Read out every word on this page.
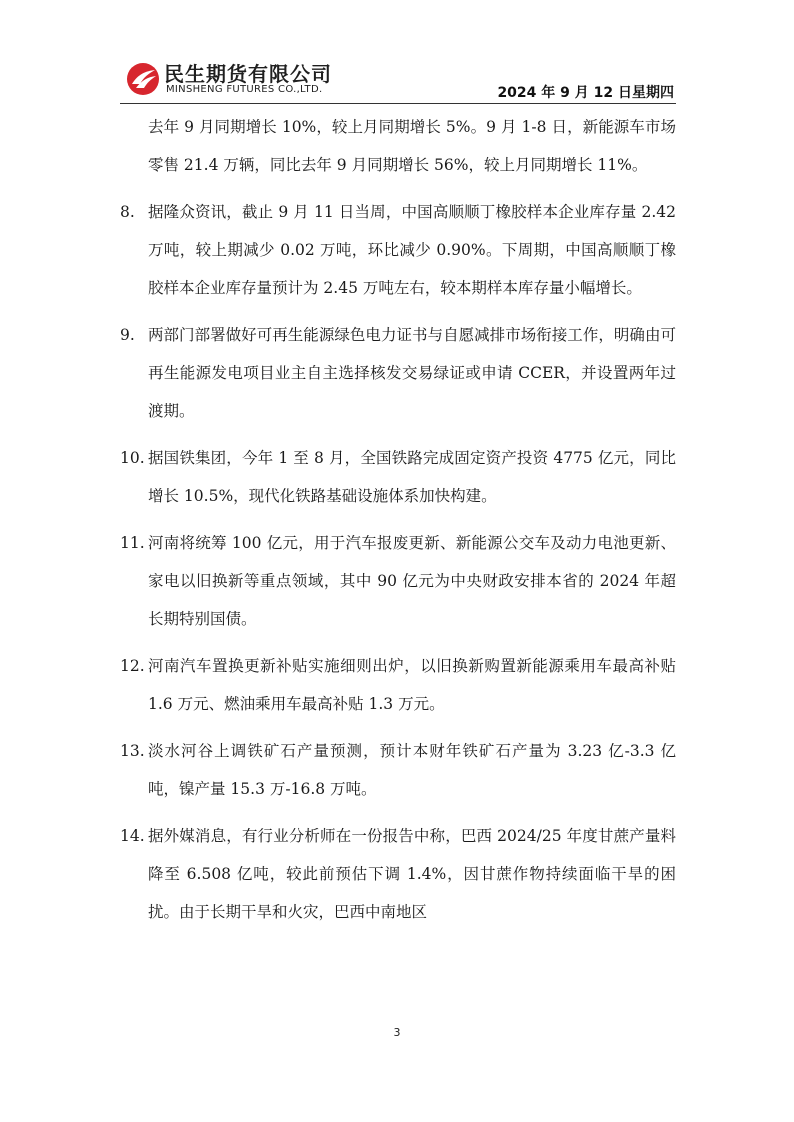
民生期货有限公司
MINSHENG FUTURES CO.,LTD.	2024 年 9 月 12 日星期四
去年 9 月同期增长 10%，较上月同期增长 5%。9 月 1-8 日，新能源车市场零售 21.4 万辆，同比去年 9 月同期增长 56%，较上月同期增长 11%。
8. 据隆众资讯，截止 9 月 11 日当周，中国高顺顺丁橡胶样本企业库存量 2.42 万吨，较上期减少 0.02 万吨，环比减少 0.90%。下周期，中国高顺顺丁橡胶样本企业库存量预计为 2.45 万吨左右，较本期样本库存量小幅增长。
9. 两部门部署做好可再生能源绿色电力证书与自愿减排市场衔接工作，明确由可再生能源发电项目业主自主选择核发交易绿证或申请 CCER，并设置两年过渡期。
10. 据国铁集团，今年 1 至 8 月，全国铁路完成固定资产投资 4775 亿元，同比增长 10.5%，现代化铁路基础设施体系加快构建。
11. 河南将统筹 100 亿元，用于汽车报废更新、新能源公交车及动力电池更新、家电以旧换新等重点领域，其中 90 亿元为中央财政安排本省的 2024 年超长期特别国债。
12. 河南汽车置换更新补贴实施细则出炉，以旧换新购置新能源乘用车最高补贴 1.6 万元、燃油乘用车最高补贴 1.3 万元。
13. 淡水河谷上调铁矿石产量预测，预计本财年铁矿石产量为 3.23 亿-3.3 亿吨，镍产量 15.3 万-16.8 万吨。
14. 据外媒消息，有行业分析师在一份报告中称，巴西 2024/25 年度甘蔗产量料降至 6.508 亿吨，较此前预估下调 1.4%，因甘蔗作物持续面临干旱的困扰。由于长期干旱和火灾，巴西中南地区
3
